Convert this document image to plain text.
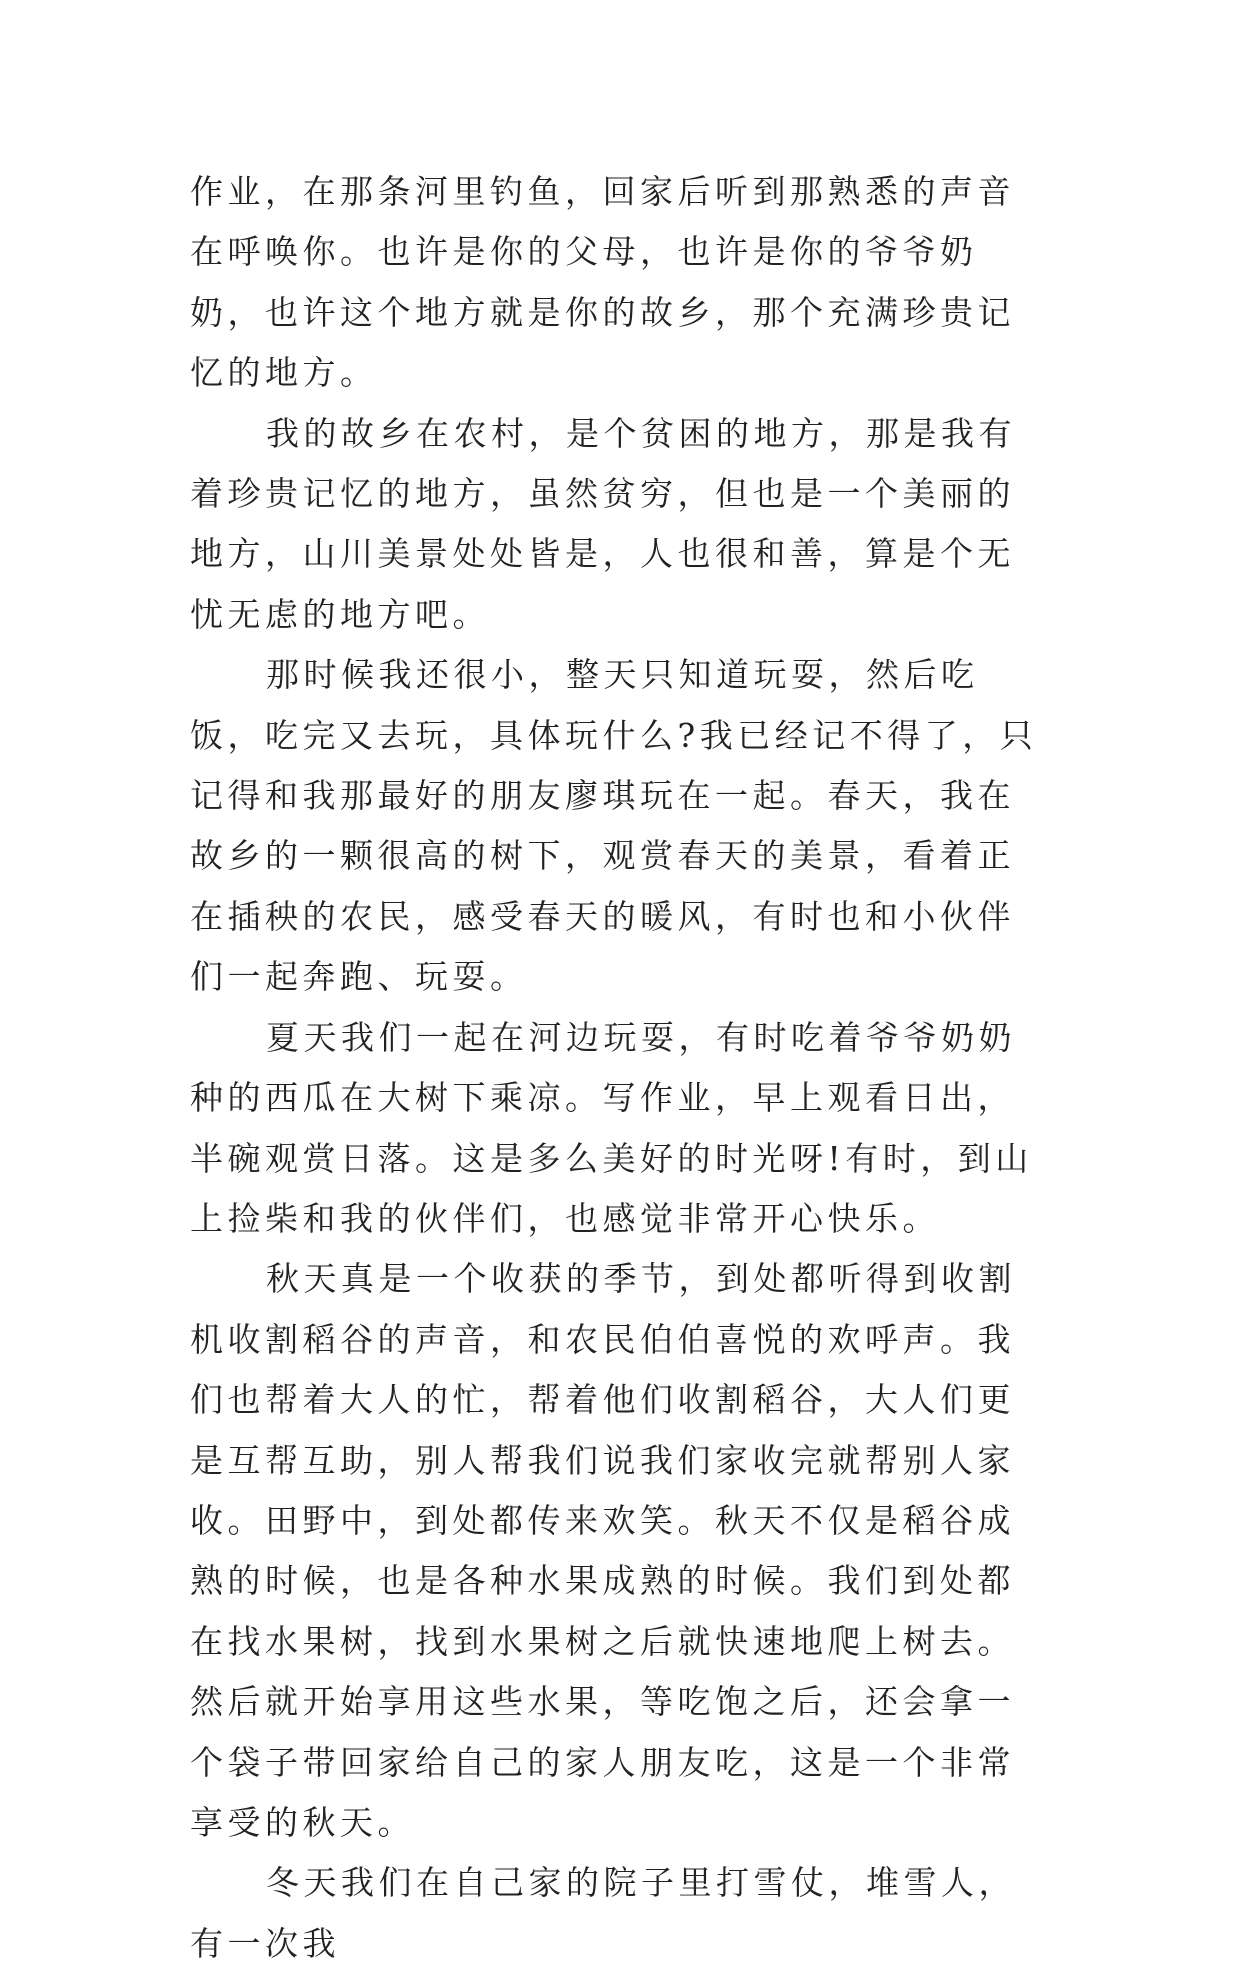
作业，在那条河里钓鱼，回家后听到那熟悉的声音在呼唤你。也许是你的父母，也许是你的爷爷奶奶，也许这个地方就是你的故乡，那个充满珍贵记忆的地方。

我的故乡在农村，是个贫困的地方，那是我有着珍贵记忆的地方，虽然贫穷，但也是一个美丽的地方，山川美景处处皆是，人也很和善，算是个无忧无虑的地方吧。

那时候我还很小，整天只知道玩耍，然后吃饭，吃完又去玩，具体玩什么?我已经记不得了，只记得和我那最好的朋友廖琪玩在一起。春天，我在故乡的一颗很高的树下，观赏春天的美景，看着正在插秧的农民，感受春天的暖风，有时也和小伙伴们一起奔跑、玩耍。

夏天我们一起在河边玩耍，有时吃着爷爷奶奶种的西瓜在大树下乘凉。写作业，早上观看日出，半碗观赏日落。这是多么美好的时光呀!有时，到山上捡柴和我的伙伴们，也感觉非常开心快乐。

秋天真是一个收获的季节，到处都听得到收割机收割稻谷的声音，和农民伯伯喜悦的欢呼声。我们也帮着大人的忙，帮着他们收割稻谷，大人们更是互帮互助，别人帮我们说我们家收完就帮别人家收。田野中，到处都传来欢笑。秋天不仅是稻谷成熟的时候，也是各种水果成熟的时候。我们到处都在找水果树，找到水果树之后就快速地爬上树去。然后就开始享用这些水果，等吃饱之后，还会拿一个袋子带回家给自己的家人朋友吃，这是一个非常享受的秋天。

冬天我们在自己家的院子里打雪仗，堆雪人，有一次我
